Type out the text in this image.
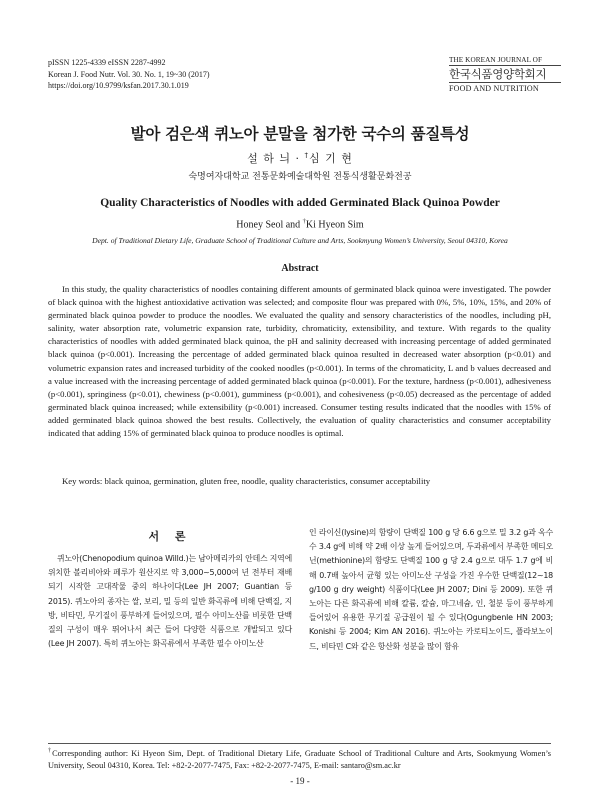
pISSN 1225-4339 eISSN 2287-4992
Korean J. Food Nutr. Vol. 30. No. 1, 19~30 (2017)
https://doi.org/10.9799/ksfan.2017.30.1.019
THE KOREAN JOURNAL OF
한국식품영양학회지
FOOD AND NUTRITION
발아 검은색 퀴노아 분말을 첨가한 국수의 품질특성
설 하 늬 · †심 기 현
숙명여자대학교 전통문화예술대학원 전통식생활문화전공
Quality Characteristics of Noodles with added Germinated Black Quinoa Powder
Honey Seol and †Ki Hyeon Sim
Dept. of Traditional Dietary Life, Graduate School of Traditional Culture and Arts, Sookmyung Women’s University, Seoul 04310, Korea
Abstract

In this study, the quality characteristics of noodles containing different amounts of germinated black quinoa were investigated. The powder of black quinoa with the highest antioxidative activation was selected; and composite flour was prepared with 0%, 5%, 10%, 15%, and 20% of germinated black quinoa powder to produce the noodles. We evaluated the quality and sensory characteristics of the noodles, including pH, salinity, water absorption rate, volumetric expansion rate, turbidity, chromaticity, extensibility, and texture. With regards to the quality characteristics of noodles with added germinated black quinoa, the pH and salinity decreased with increasing percentage of added germinated black quinoa (p<0.001). Increasing the percentage of added germinated black quinoa resulted in decreased water absorption (p<0.01) and volumetric expansion rates and increased turbidity of the cooked noodles (p<0.001). In terms of the chromaticity, L and b values decreased and a value increased with the increasing percentage of added germinated black quinoa (p<0.001). For the texture, hardness (p<0.001), adhesiveness (p<0.001), springiness (p<0.01), chewiness (p<0.001), gumminess (p<0.001), and cohesiveness (p<0.05) decreased as the percentage of added germinated black quinoa increased; while extensibility (p<0.001) increased. Consumer testing results indicated that the noodles with 15% of added germinated black quinoa showed the best results. Collectively, the evaluation of quality characteristics and consumer acceptability indicated that adding 15% of germinated black quinoa to produce noodles is optimal.

Key words: black quinoa, germination, gluten free, noodle, quality characteristics, consumer acceptability
서 론

퀴노아(Chenopodium quinoa Willd.)는 남아메리카의 안데스 지역에 위치한 볼리비아와 페루가 원산지로 약 3,000~5,000여 년 전부터 재배되기 시작한 고대작물 중의 하나이다(Lee JH 2007; Guantian 등 2015). 퀴노아의 종자는 쌀, 보리, 밀 등의 일반 화곡류에 비해 단백질, 지방, 비타민, 무기질이 풍부하게 들어있으며, 필수 아미노산를 비롯한 단백질의 구성이 매우 뛰어나서 최근 들어 다양한 식품으로 개발되고 있다(Lee JH 2007). 특히 퀴노아는 화곡류에서 부족한 필수 아미노산

인 라이신(lysine)의 함량이 단백질 100 g 당 6.6 g으로 밀 3.2 g과 옥수수 3.4 g에 비해 약 2배 이상 높게 들어있으며, 두과류에서 부족한 메티오닌(methionine)의 함량도 단백질 100 g 당 2.4 g으로 대두 1.7 g에 비해 0.7배 높아서 균형 있는 아미노산 구성을 가진 우수한 단백질(12~18 g/100 g dry weight) 식품이다(Lee JH 2007; Dini 등 2009). 또한 퀴노아는 다른 화곡류에 비해 칼륨, 칼슘, 마그네슘, 인, 철분 등이 풍부하게 들어있어 유용한 무기질 공급원이 될 수 있다(Ogungbenle HN 2003; Konishi 등 2004; Kim AN 2016). 퀴노아는 카로티노이드, 플라보노이드, 비타민 C와 같은 항산화 성분을 많이 함유

†Corresponding author: Ki Hyeon Sim, Dept. of Traditional Dietary Life, Graduate School of Traditional Culture and Arts, Sookmyung Women’s University, Seoul 04310, Korea. Tel: +82-2-2077-7475, Fax: +82-2-2077-7475, E-mail: santaro@sm.ac.kr
- 19 -
